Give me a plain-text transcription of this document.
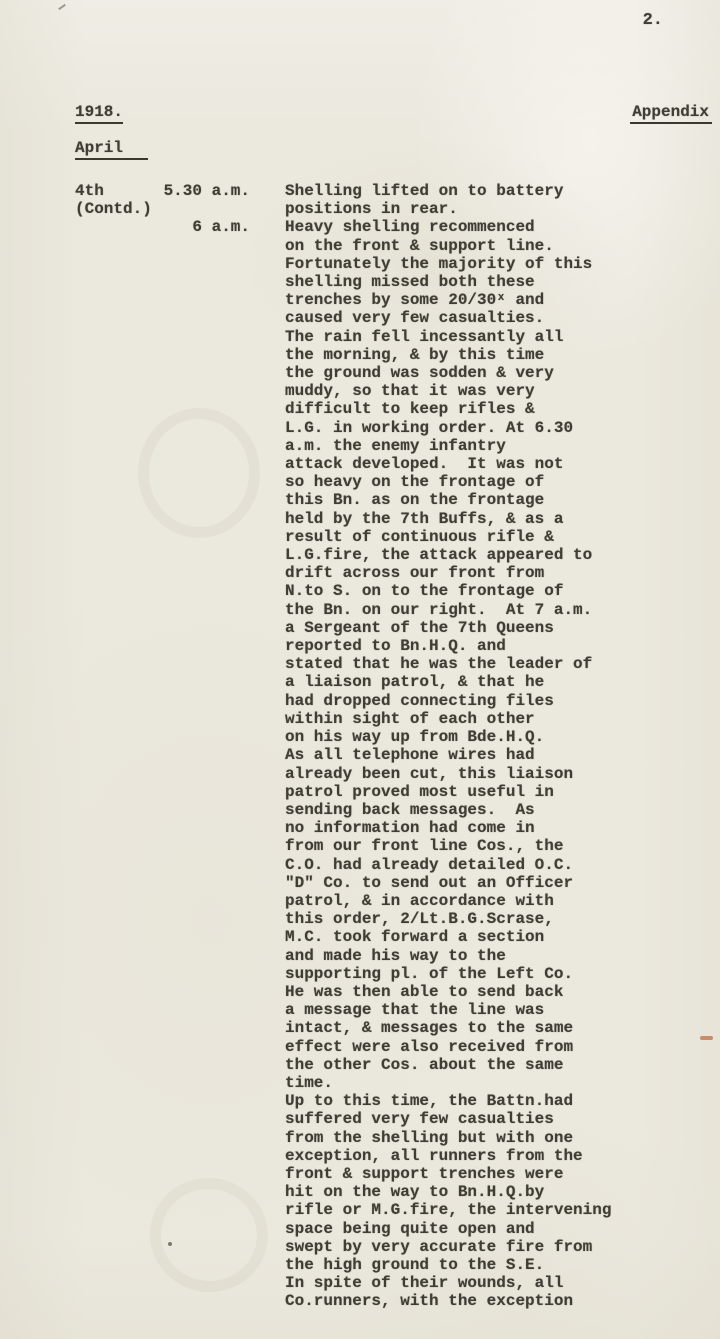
2.
1918.	Appendix
April
4th
(Contd.)
5.30 a.m. Shelling lifted on to battery
positions in rear.
6 a.m. Heavy shelling recommenced
on the front & support line.
Fortunately the majority of this
shelling missed both these
trenches by some 20/30ˣ and
caused very few casualties.
The rain fell incessantly all
the morning, & by this time
the ground was sodden & very
muddy, so that it was very
difficult to keep rifles &
L.G. in working order. At 6.30
a.m. the enemy infantry
attack developed.  It was not
so heavy on the frontage of
this Bn. as on the frontage
held by the 7th Buffs, & as a
result of continuous rifle &
L.G.fire, the attack appeared to
drift across our front from
N.to S. on to the frontage of
the Bn. on our right.  At 7 a.m.
a Sergeant of the 7th Queens
reported to Bn.H.Q. and
stated that he was the leader of
a liaison patrol, & that he
had dropped connecting files
within sight of each other
on his way up from Bde.H.Q.
As all telephone wires had
already been cut, this liaison
patrol proved most useful in
sending back messages.  As
no information had come in
from our front line Cos., the
C.O. had already detailed O.C.
"D" Co. to send out an Officer
patrol, & in accordance with
this order, 2/Lt.B.G.Scrase,
M.C. took forward a section
and made his way to the
supporting pl. of the Left Co.
He was then able to send back
a message that the line was
intact, & messages to the same
effect were also received from
the other Cos. about the same
time.
Up to this time, the Battn.had
suffered very few casualties
from the shelling but with one
exception, all runners from the
front & support trenches were
hit on the way to Bn.H.Q.by
rifle or M.G.fire, the intervening
space being quite open and
swept by very accurate fire from
the high ground to the S.E.
In spite of their wounds, all
Co.runners, with the exception
